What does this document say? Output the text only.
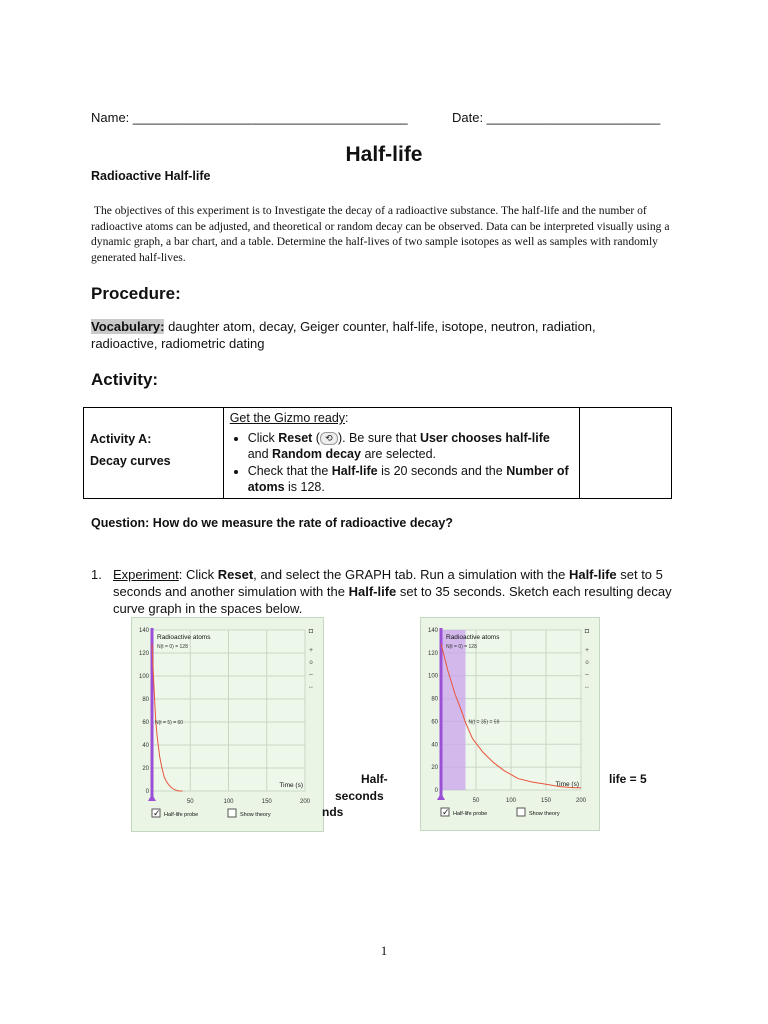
Name: ______________________________________	Date: ________________________
Half-life
Radioactive Half-life
The objectives of this experiment is to Investigate the decay of a radioactive substance. The half-life and the number of radioactive atoms can be adjusted, and theoretical or random decay can be observed. Data can be interpreted visually using a dynamic graph, a bar chart, and a table. Determine the half-lives of two sample isotopes as well as samples with randomly generated half-lives.
Procedure:
Vocabulary: daughter atom, decay, Geiger counter, half-life, isotope, neutron, radiation, radioactive, radiometric dating
Activity:
Activity A:
Decay curves

Get the Gizmo ready:
• Click Reset ( ⟲ ). Be sure that User chooses half-life and Random decay are selected.
• Check that the Half-life is 20 seconds and the Number of atoms is 128.

Question: How do we measure the rate of radioactive decay?
1. Experiment: Click Reset, and select the GRAPH tab. Run a simulation with the Half-life set to 5 seconds and another simulation with the Half-life set to 35 seconds. Sketch each resulting decay curve graph in the spaces below.
50	100	150	200
0
20
40
60
80
100
120
140
Radioactive atoms
N(t = 0) = 128
N(t = 5) = 60
Time (s)
◘
+
o
–
↔
✓ Half-life probe	Show theory
50	100	150	200
0
20
40
60
80
100
120
140
Radioactive atoms
N(t = 0) = 128
N(t = 35) = 59
Time (s)
◘
+
o
–
↔
✓ Half-life probe	Show theory
Half-
seconds
nds
life = 5
1
